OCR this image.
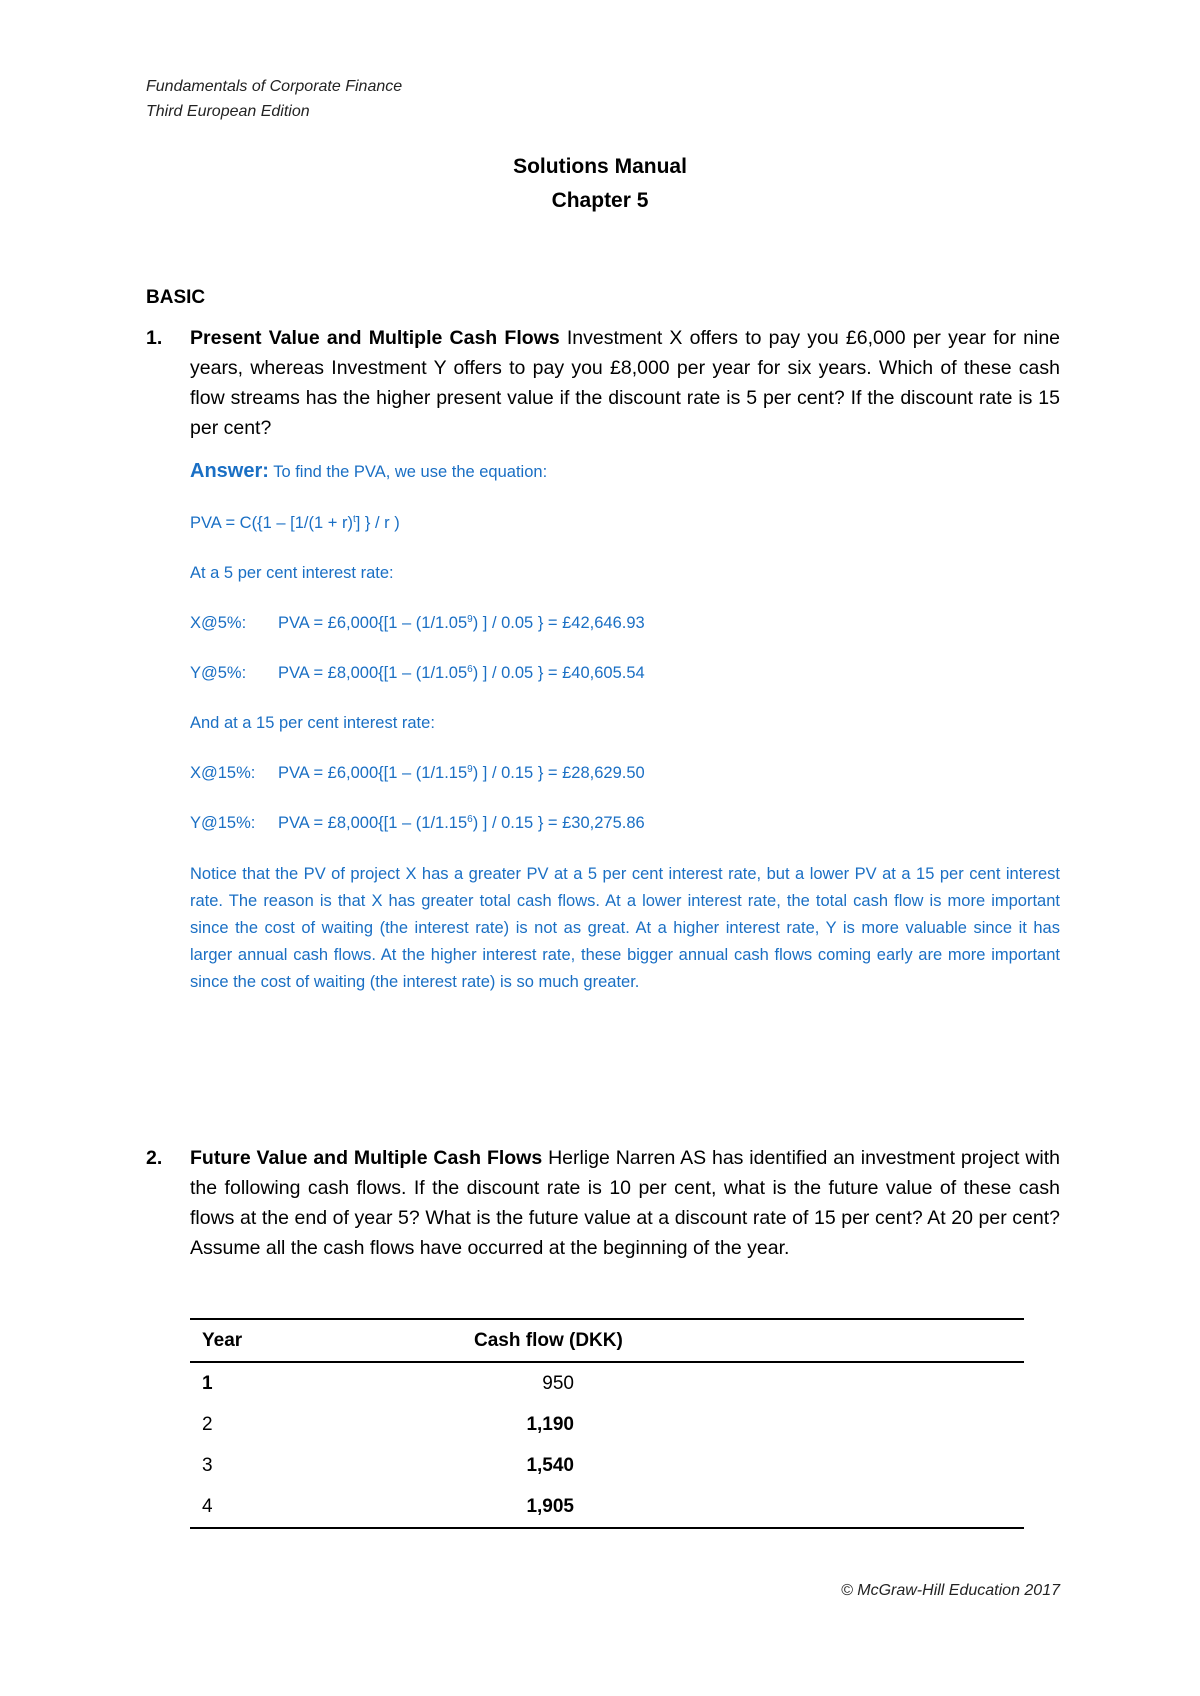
Fundamentals of Corporate Finance
Third European Edition
Solutions Manual
Chapter 5
BASIC
1. Present Value and Multiple Cash Flows Investment X offers to pay you £6,000 per year for nine years, whereas Investment Y offers to pay you £8,000 per year for six years. Which of these cash flow streams has the higher present value if the discount rate is 5 per cent? If the discount rate is 15 per cent?

Answer: To find the PVA, we use the equation:

PVA = $C(\{1 - [1/(1 + r)^t]$ } / r )

At a 5 per cent interest rate:

X@5%: PVA = £6,000{[1 – (1/1.05$^9$) ] / 0.05 } = £42,646.93

Y@5%: PVA = £8,000{[1 – (1/1.05$^6$) ] / 0.05 } = £40,605.54

And at a 15 per cent interest rate:

X@15%: PVA = £6,000{[1 – (1/1.15$^9$) ] / 0.15 } = £28,629.50

Y@15%: PVA = £8,000{[1 – (1/1.15$^6$) ] / 0.15 } = £30,275.86

Notice that the PV of project X has a greater PV at a 5 per cent interest rate, but a lower PV at a 15 per cent interest rate. The reason is that X has greater total cash flows. At a lower interest rate, the total cash flow is more important since the cost of waiting (the interest rate) is not as great. At a higher interest rate, Y is more valuable since it has larger annual cash flows. At the higher interest rate, these bigger annual cash flows coming early are more important since the cost of waiting (the interest rate) is so much greater.

2. Future Value and Multiple Cash Flows Herlige Narren AS has identified an investment project with the following cash flows. If the discount rate is 10 per cent, what is the future value of these cash flows at the end of year 5? What is the future value at a discount rate of 15 per cent? At 20 per cent? Assume all the cash flows have occurred at the beginning of the year.
Year	Cash flow (DKK)	
1	950	
2	1,190	
3	1,540	
4	1,905	
© McGraw-Hill Education 2017
